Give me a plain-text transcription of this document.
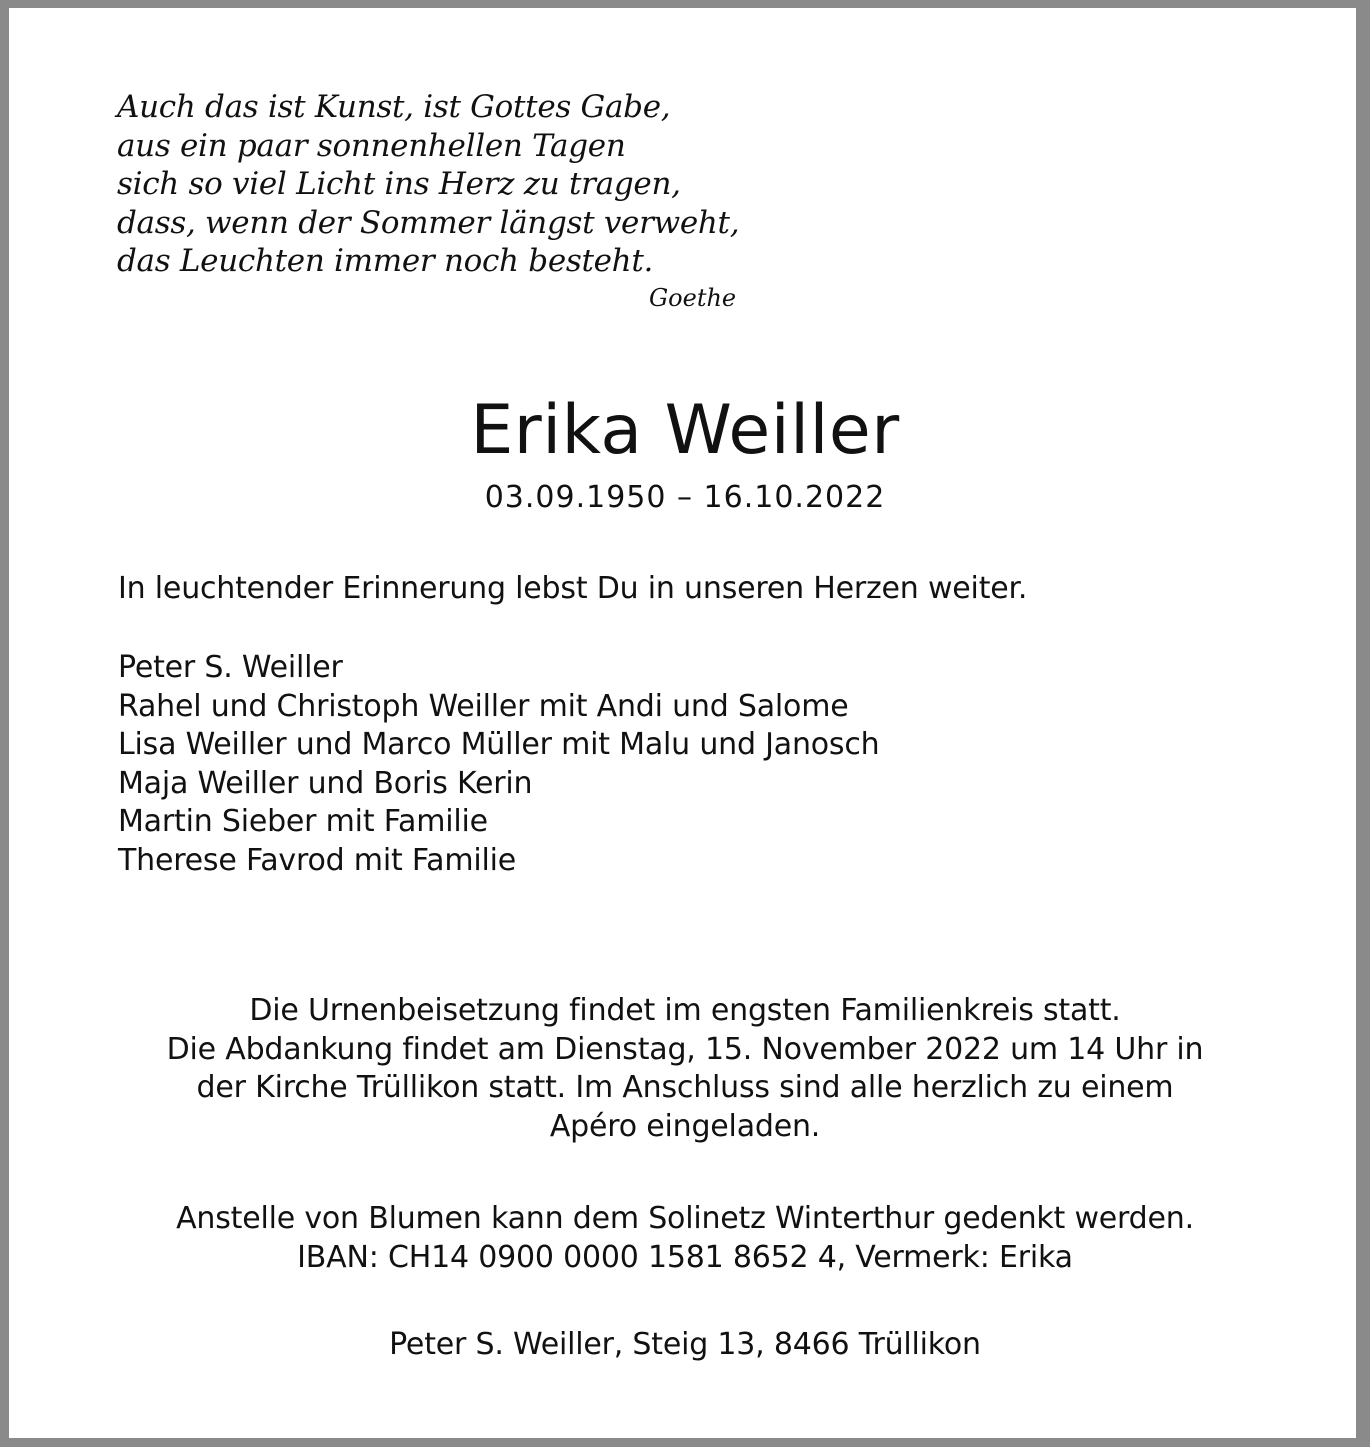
Auch das ist Kunst, ist Gottes Gabe,
aus ein paar sonnenhellen Tagen
sich so viel Licht ins Herz zu tragen,
dass, wenn der Sommer längst verweht,
das Leuchten immer noch besteht.
Goethe
Erika Weiller
03.09.1950 – 16.10.2022
In leuchtender Erinnerung lebst Du in unseren Herzen weiter.
Peter S. Weiller
Rahel und Christoph Weiller mit Andi und Salome
Lisa Weiller und Marco Müller mit Malu und Janosch
Maja Weiller und Boris Kerin
Martin Sieber mit Familie
Therese Favrod mit Familie
Die Urnenbeisetzung findet im engsten Familienkreis statt.
Die Abdankung findet am Dienstag, 15. November 2022 um 14 Uhr in
der Kirche Trüllikon statt. Im Anschluss sind alle herzlich zu einem
Apéro eingeladen.
Anstelle von Blumen kann dem Solinetz Winterthur gedenkt werden.
IBAN: CH14 0900 0000 1581 8652 4, Vermerk: Erika
Peter S. Weiller, Steig 13, 8466 Trüllikon
